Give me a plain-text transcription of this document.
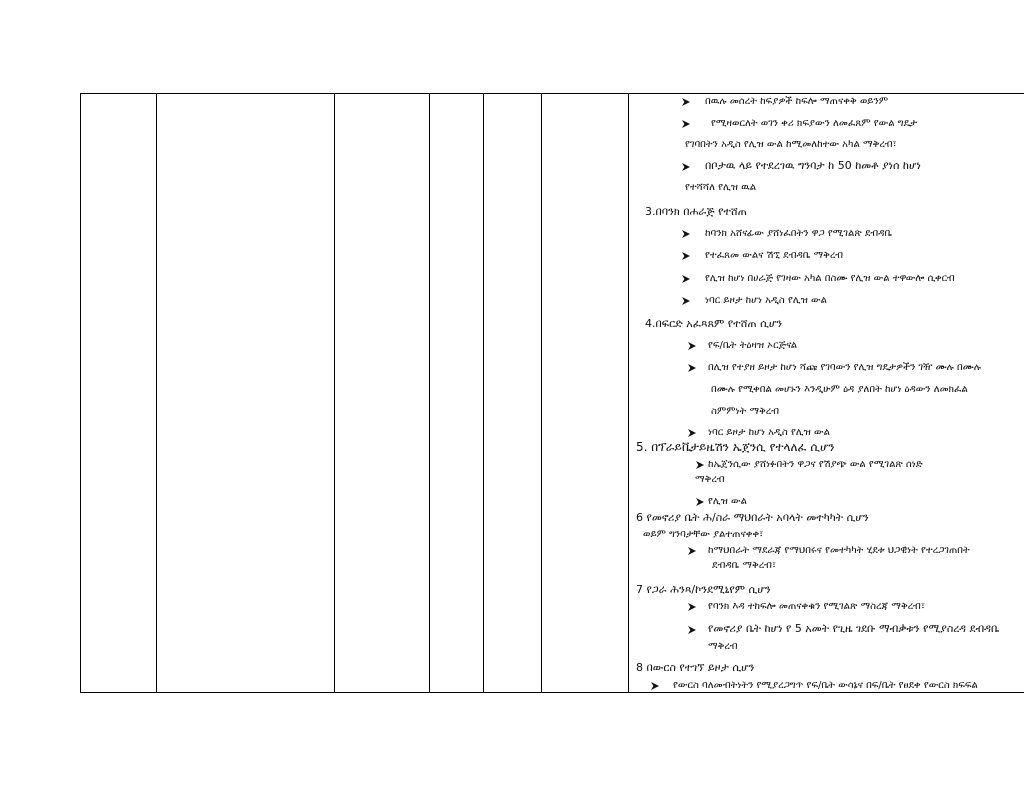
በዉሉ መሰረት ከፍያዎች ከፍሎ ማጠናቀቅ ወይንም
የሚዛወርለት ወገን ቀሪ ክፍያውን ለመፈጸም የውል ግዴታ
የገባበትን አዲስ የሊዝ ውል ከሚመለከተው አካል ማቅረብ፣
በቦታዉ ላይ የተደረገዉ ግንባታ ከ 50 ከመቶ ያነሰ ከሆነ
የተሻሻለ የሊዝ ዉል
3.በባንክ በሐራጅ የተሸጠ
ከባንክ አሸናፊው ያሸነፈበትን ዋጋ የሚገልጽ ደብዳቤ
የተፈጸመ ውልና ሽኚ ደብዳቤ ማቅረብ
የሊዝ ከሆነ በሀራጅ የገዛው አካል በስሙ የሊዝ ውል ተዋውሎ ሲቀርብ
ነባር ይዞታ ከሆነ አዲስ የሊዝ ውል
4.በፍርድ አፈጻጸም የተሸጠ ሲሆን
የፍ/ቤት ትዕዛዝ ኦርጅናል
በሊዝ የተያዘ ይዞታ ከሆነ ሻጩ የገባውን የሊዝ ግዴታዎችን ገዥ ሙሉ በሙሉ
በሙሉ የሚቀበል መሆኑን እንዲሁም ዕዳ ያለበት ከሆነ ዕዳውን ለመክፈል
ስምምነት ማቅረብ
ነባር ይዞታ ከሆነ አዲስ የሊዝ ውል
5. በፕራይቬታይዜሽን ኤጀንሲ የተላለፈ ሲሆን
ከኤጀንሲው ያሸነፉበትን ዋጋና የሽያጭ ውል የሚገልጽ ሰነድ
ማቅረብ
የሊዝ ውል
6 የመኖሪያ ቤት ሕ/ስራ ማህበራት አባላት መተካካት ሲሆን
ወይም ግንባታቸው ያልተጠናቀቀ፣
ከማህበራት ማደራጃ የማህበሩና የመተካካት ሂደቱ ህጋዊነት የተረጋገጠበት
ደብዳቤ ማቅረብ፣
7 የጋራ ሕንጻ/ኮንደሚኒየም ሲሆን
የባንክ እዳ ተከፍሎ መጠናቀቁን የሚገልጽ ማስረጃ ማቅረብ፣
የመኖሪያ ቤት ከሆነ የ 5 አመት የጊዜ ገደቡ ማብቃቱን የሚያስረዳ ደብዳቤ
ማቅረብ
8 በውርስ የተገኘ ይዞታ ሲሆን
የውርስ ባለመብትነትን የሚያረጋግጥ የፍ/ቤት ውሳኔና በፍ/ቤት የፀደቀ የውርስ ክፍፍል
